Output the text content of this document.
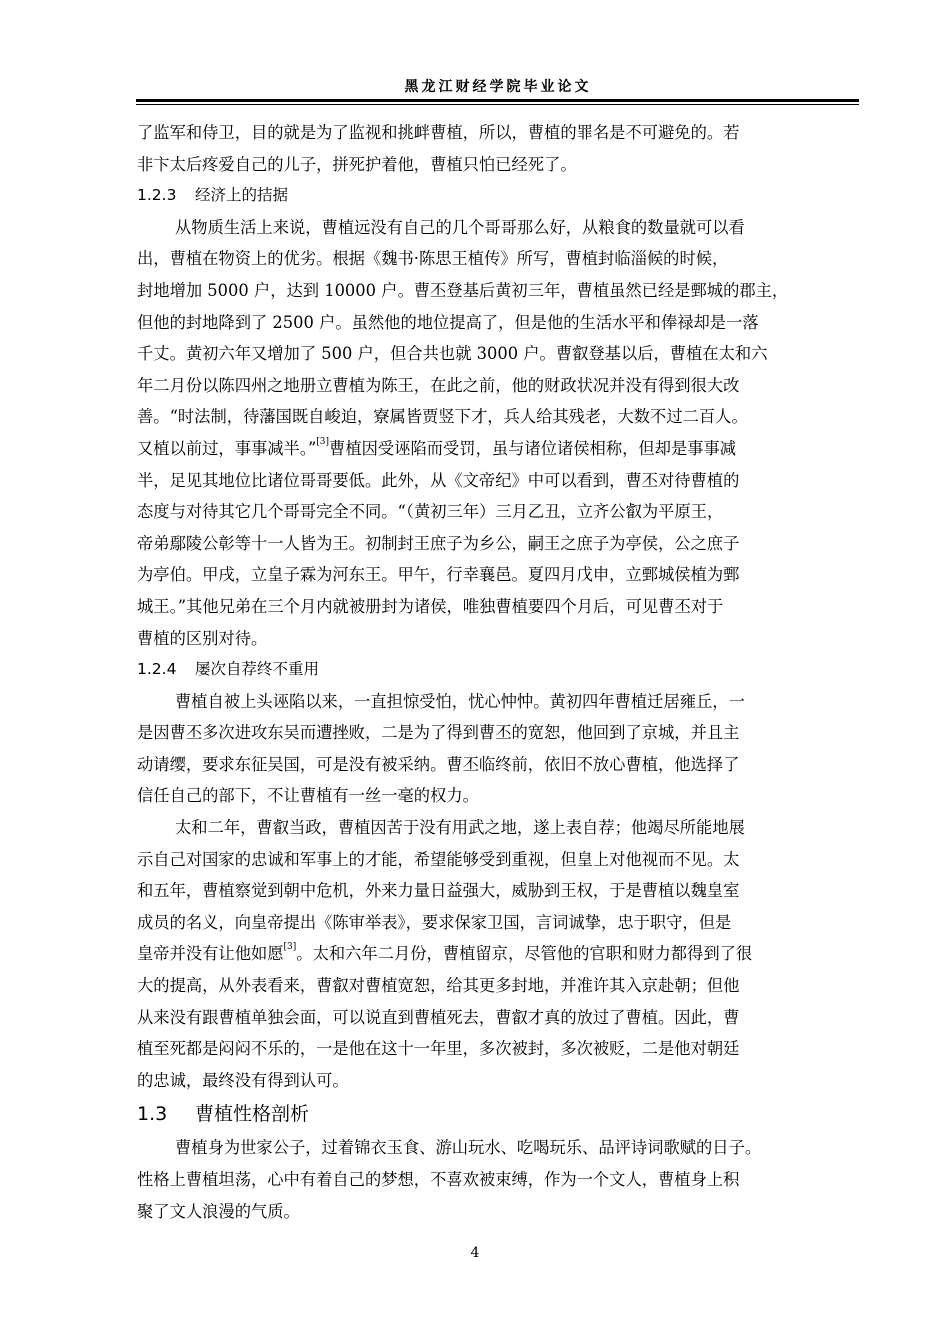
黑龙江财经学院毕业论文
了监军和侍卫，目的就是为了监视和挑衅曹植，所以，曹植的罪名是不可避免的。若
非卞太后疼爱自己的儿子，拼死护着他，曹植只怕已经死了。
1.2.3 经济上的拮据
从物质生活上来说，曹植远没有自己的几个哥哥那么好，从粮食的数量就可以看
出，曹植在物资上的优劣。根据《魏书·陈思王植传》所写，曹植封临淄候的时候，
封地增加 5000 户，达到 10000 户。曹丕登基后黄初三年，曹植虽然已经是鄄城的郡主，
但他的封地降到了 2500 户。虽然他的地位提高了，但是他的生活水平和俸禄却是一落
千丈。黄初六年又增加了 500 户，但合共也就 3000 户。曹叡登基以后，曹植在太和六
年二月份以陈四州之地册立曹植为陈王，在此之前，他的财政状况并没有得到很大改
善。“时法制，待藩国既自峻迫，寮属皆贾竖下才，兵人给其残老，大数不过二百人。
又植以前过，事事减半。”[3]曹植因受诬陷而受罚，虽与诸位诸侯相称，但却是事事减
半，足见其地位比诸位哥哥要低。此外，从《文帝纪》中可以看到，曹丕对待曹植的
态度与对待其它几个哥哥完全不同。“（黄初三年）三月乙丑，立齐公叡为平原王，
帝弟鄢陵公彰等十一人皆为王。初制封王庶子为乡公，嗣王之庶子为亭侯，公之庶子
为亭伯。甲戌，立皇子霖为河东王。甲午，行幸襄邑。夏四月戊申，立鄄城侯植为鄄
城王。”其他兄弟在三个月内就被册封为诸侯，唯独曹植要四个月后，可见曹丕对于
曹植的区别对待。
1.2.4 屡次自荐终不重用
曹植自被上头诬陷以来，一直担惊受怕，忧心忡忡。黄初四年曹植迁居雍丘，一
是因曹丕多次进攻东吴而遭挫败，二是为了得到曹丕的宽恕，他回到了京城，并且主
动请缨，要求东征吴国，可是没有被采纳。曹丕临终前，依旧不放心曹植，他选择了
信任自己的部下，不让曹植有一丝一毫的权力。
太和二年，曹叡当政，曹植因苦于没有用武之地，遂上表自荐；他竭尽所能地展
示自己对国家的忠诚和军事上的才能，希望能够受到重视，但皇上对他视而不见。太
和五年，曹植察觉到朝中危机，外来力量日益强大，威胁到王权，于是曹植以魏皇室
成员的名义，向皇帝提出《陈审举表》，要求保家卫国，言词诚挚，忠于职守，但是
皇帝并没有让他如愿[3]。太和六年二月份，曹植留京，尽管他的官职和财力都得到了很
大的提高，从外表看来，曹叡对曹植宽恕，给其更多封地，并准许其入京赴朝；但他
从来没有跟曹植单独会面，可以说直到曹植死去，曹叡才真的放过了曹植。因此，曹
植至死都是闷闷不乐的，一是他在这十一年里，多次被封，多次被贬，二是他对朝廷
的忠诚，最终没有得到认可。
1.3 曹植性格剖析
曹植身为世家公子，过着锦衣玉食、游山玩水、吃喝玩乐、品评诗词歌赋的日子。
性格上曹植坦荡，心中有着自己的梦想，不喜欢被束缚，作为一个文人，曹植身上积
聚了文人浪漫的气质。
4
